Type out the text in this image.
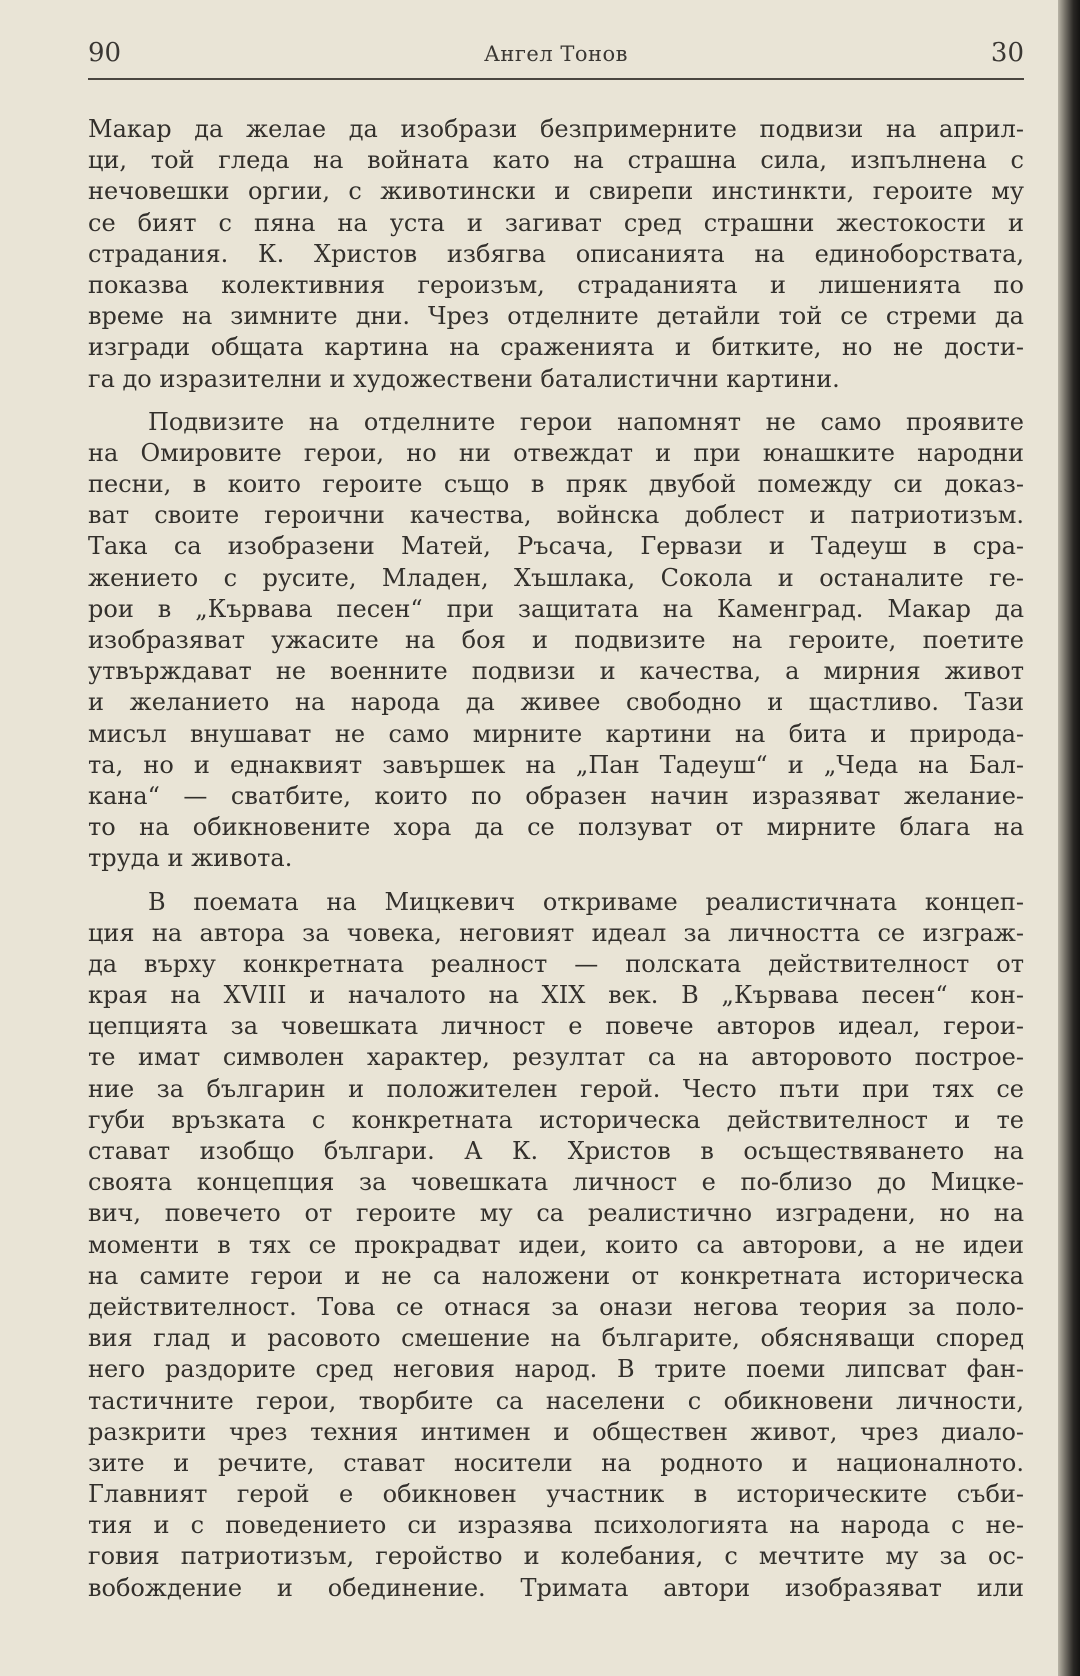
90	Ангел Тонов	30
Макар да желае да изобрази безпримерните подвизи на април-
ци, той гледа на войната като на страшна сила, изпълнена с
нечовешки оргии, с животински и свирепи инстинкти, героите му
се бият с пяна на уста и загиват сред страшни жестокости и
страдания. К. Христов избягва описанията на единоборствата,
показва колективния героизъм, страданията и лишенията по
време на зимните дни. Чрез отделните детайли той се стреми да
изгради общата картина на сраженията и битките, но не дости-
га до изразителни и художествени баталистични картини.
Подвизите на отделните герои напомнят не само проявите
на Омировите герои, но ни отвеждат и при юнашките народни
песни, в които героите също в пряк двубой помежду си доказ-
ват своите героични качества, войнска доблест и патриотизъм.
Така са изобразени Матей, Ръсача, Гервази и Тадеуш в сра-
жението с русите, Младен, Хъшлака, Сокола и останалите ге-
рои в „Кървава песен“ при защитата на Каменград. Макар да
изобразяват ужасите на боя и подвизите на героите, поетите
утвърждават не военните подвизи и качества, а мирния живот
и желанието на народа да живее свободно и щастливо. Тази
мисъл внушават не само мирните картини на бита и природа-
та, но и еднаквият завършек на „Пан Тадеуш“ и „Чеда на Бал-
кана“ — сватбите, които по образен начин изразяват желание-
то на обикновените хора да се ползуват от мирните блага на
труда и живота.
В поемата на Мицкевич откриваме реалистичната концеп-
ция на автора за човека, неговият идеал за личността се изграж-
да върху конкретната реалност — полската действителност от
края на XVIII и началото на XIX век. В „Кървава песен“ кон-
цепцията за човешката личност е повече авторов идеал, герои-
те имат символен характер, резултат са на авторовото построе-
ние за българин и положителен герой. Често пъти при тях се
губи връзката с конкретната историческа действителност и те
стават изобщо българи. А К. Христов в осъществяването на
своята концепция за човешката личност е по-близо до Мицке-
вич, повечето от героите му са реалистично изградени, но на
моменти в тях се прокрадват идеи, които са авторови, а не идеи
на самите герои и не са наложени от конкретната историческа
действителност. Това се отнася за онази негова теория за поло-
вия глад и расовото смешение на българите, обясняващи според
него раздорите сред неговия народ. В трите поеми липсват фан-
тастичните герои, творбите са населени с обикновени личности,
разкрити чрез техния интимен и обществен живот, чрез диало-
зите и речите, стават носители на родното и националното.
Главният герой е обикновен участник в историческите съби-
тия и с поведението си изразява психологията на народа с не-
говия патриотизъм, геройство и колебания, с мечтите му за ос-
вобождение и обединение. Тримата автори изобразяват или
